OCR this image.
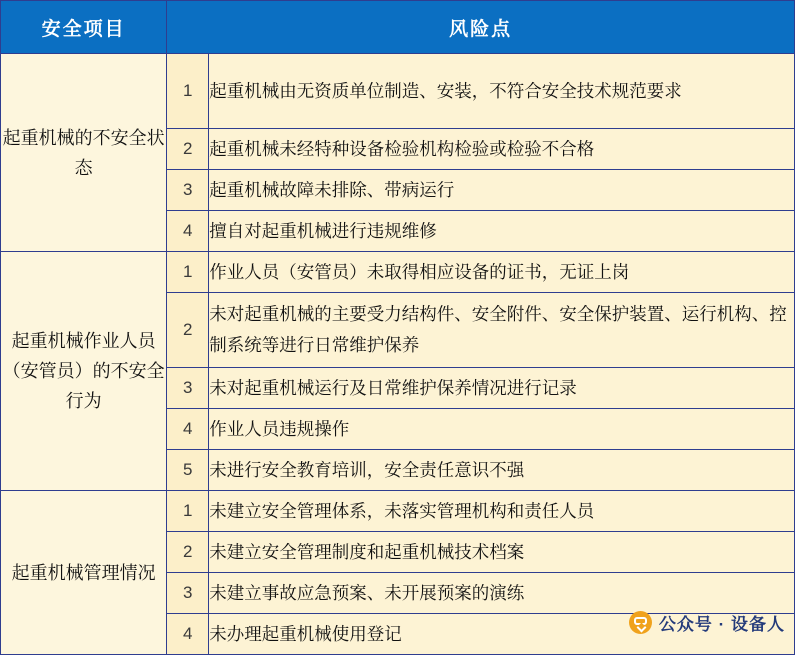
安全项目	风险点	
起重机械的不安全状态	1	起重机械由无资质单位制造、安装，不符合安全技术规范要求
	2	起重机械未经特种设备检验机构检验或检验不合格
	3	起重机械故障未排除、带病运行
	4	擅自对起重机械进行违规维修
起重机械作业人员（安管员）的不安全行为	1	作业人员（安管员）未取得相应设备的证书，无证上岗
	2	未对起重机械的主要受力结构件、安全附件、安全保护装置、运行机构、控制系统等进行日常维护保养
	3	未对起重机械运行及日常维护保养情况进行记录
	4	作业人员违规操作
	5	未进行安全教育培训，安全责任意识不强
起重机械管理情况	1	未建立安全管理体系，未落实管理机构和责任人员
	2	未建立安全管理制度和起重机械技术档案
	3	未建立事故应急预案、未开展预案的演练
	4	未办理起重机械使用登记	公众号 · 设备人
